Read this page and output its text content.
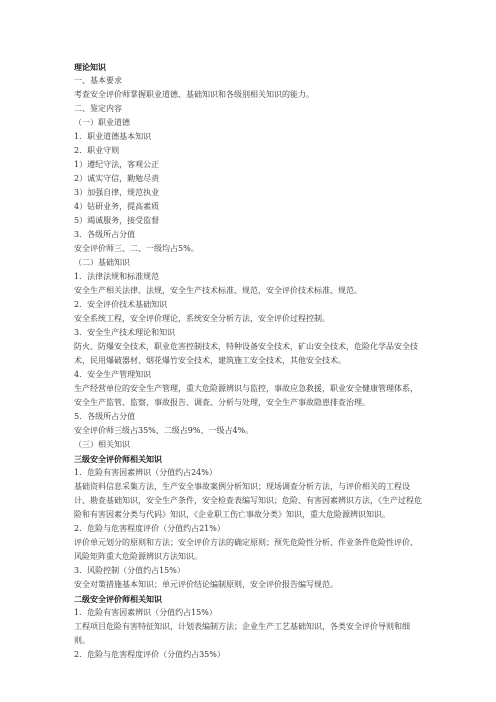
理论知识
一、基本要求
考查安全评价师掌握职业道德、基础知识和各级别相关知识的能力。
二、鉴定内容
（一）职业道德
1．职业道德基本知识
2．职业守则
1）遵纪守法，客观公正
2）诚实守信，勤勉尽责
3）加强自律，规范执业
4）钻研业务，提高素质
5）竭诚服务，接受监督
3．各级所占分值
安全评价师三、二、一级均占5%。
（二）基础知识
1．法律法规和标准规范
安全生产相关法律、法规，安全生产技术标准、规范，安全评价技术标准、规范。
2．安全评价技术基础知识
安全系统工程，安全评价理论，系统安全分析方法，安全评价过程控制。
3．安全生产技术理论和知识
防火、防爆安全技术，职业危害控制技术，特种设备安全技术，矿山安全技术，危险化学品安全技术，民用爆破器材、烟花爆竹安全技术，建筑施工安全技术，其他安全技术。
4．安全生产管理知识
生产经营单位的安全生产管理，重大危险源辨识与监控，事故应急救援，职业安全健康管理体系，安全生产监管、监察，事故报告、调查、分析与处理，安全生产事故隐患排查治理。
5．各级所占分值
安全评价师三级占35%、二级占9%、一级占4%。
（三）相关知识
三级安全评价师相关知识
1．危险有害因素辨识（分值约占24%）
基础资料信息采集方法，生产安全事故案例分析知识；现场调查分析方法，与评价相关的工程设计、勘查基础知识，安全生产条件，安全检查表编写知识；危险、有害因素辨识方法，《生产过程危险和有害因素分类与代码》知识，《企业职工伤亡事故分类》知识，重大危险源辨识知识。
2．危险与危害程度评价（分值约占21%）
评价单元划分的原则和方法；安全评价方法的确定原则；预先危险性分析、作业条件危险性评价、风险矩阵重大危险源辨识方法知识。
3．风险控制（分值约占15%）
安全对策措施基本知识；单元评价结论编制原则，安全评价报告编写规范。
二级安全评价师相关知识
1．危险有害因素辨识（分值约占15%）
工程项目危险有害特征知识，计划表编制方法；企业生产工艺基础知识，各类安全评价导则和细则。
2．危险与危害程度评价（分值约占35%）
